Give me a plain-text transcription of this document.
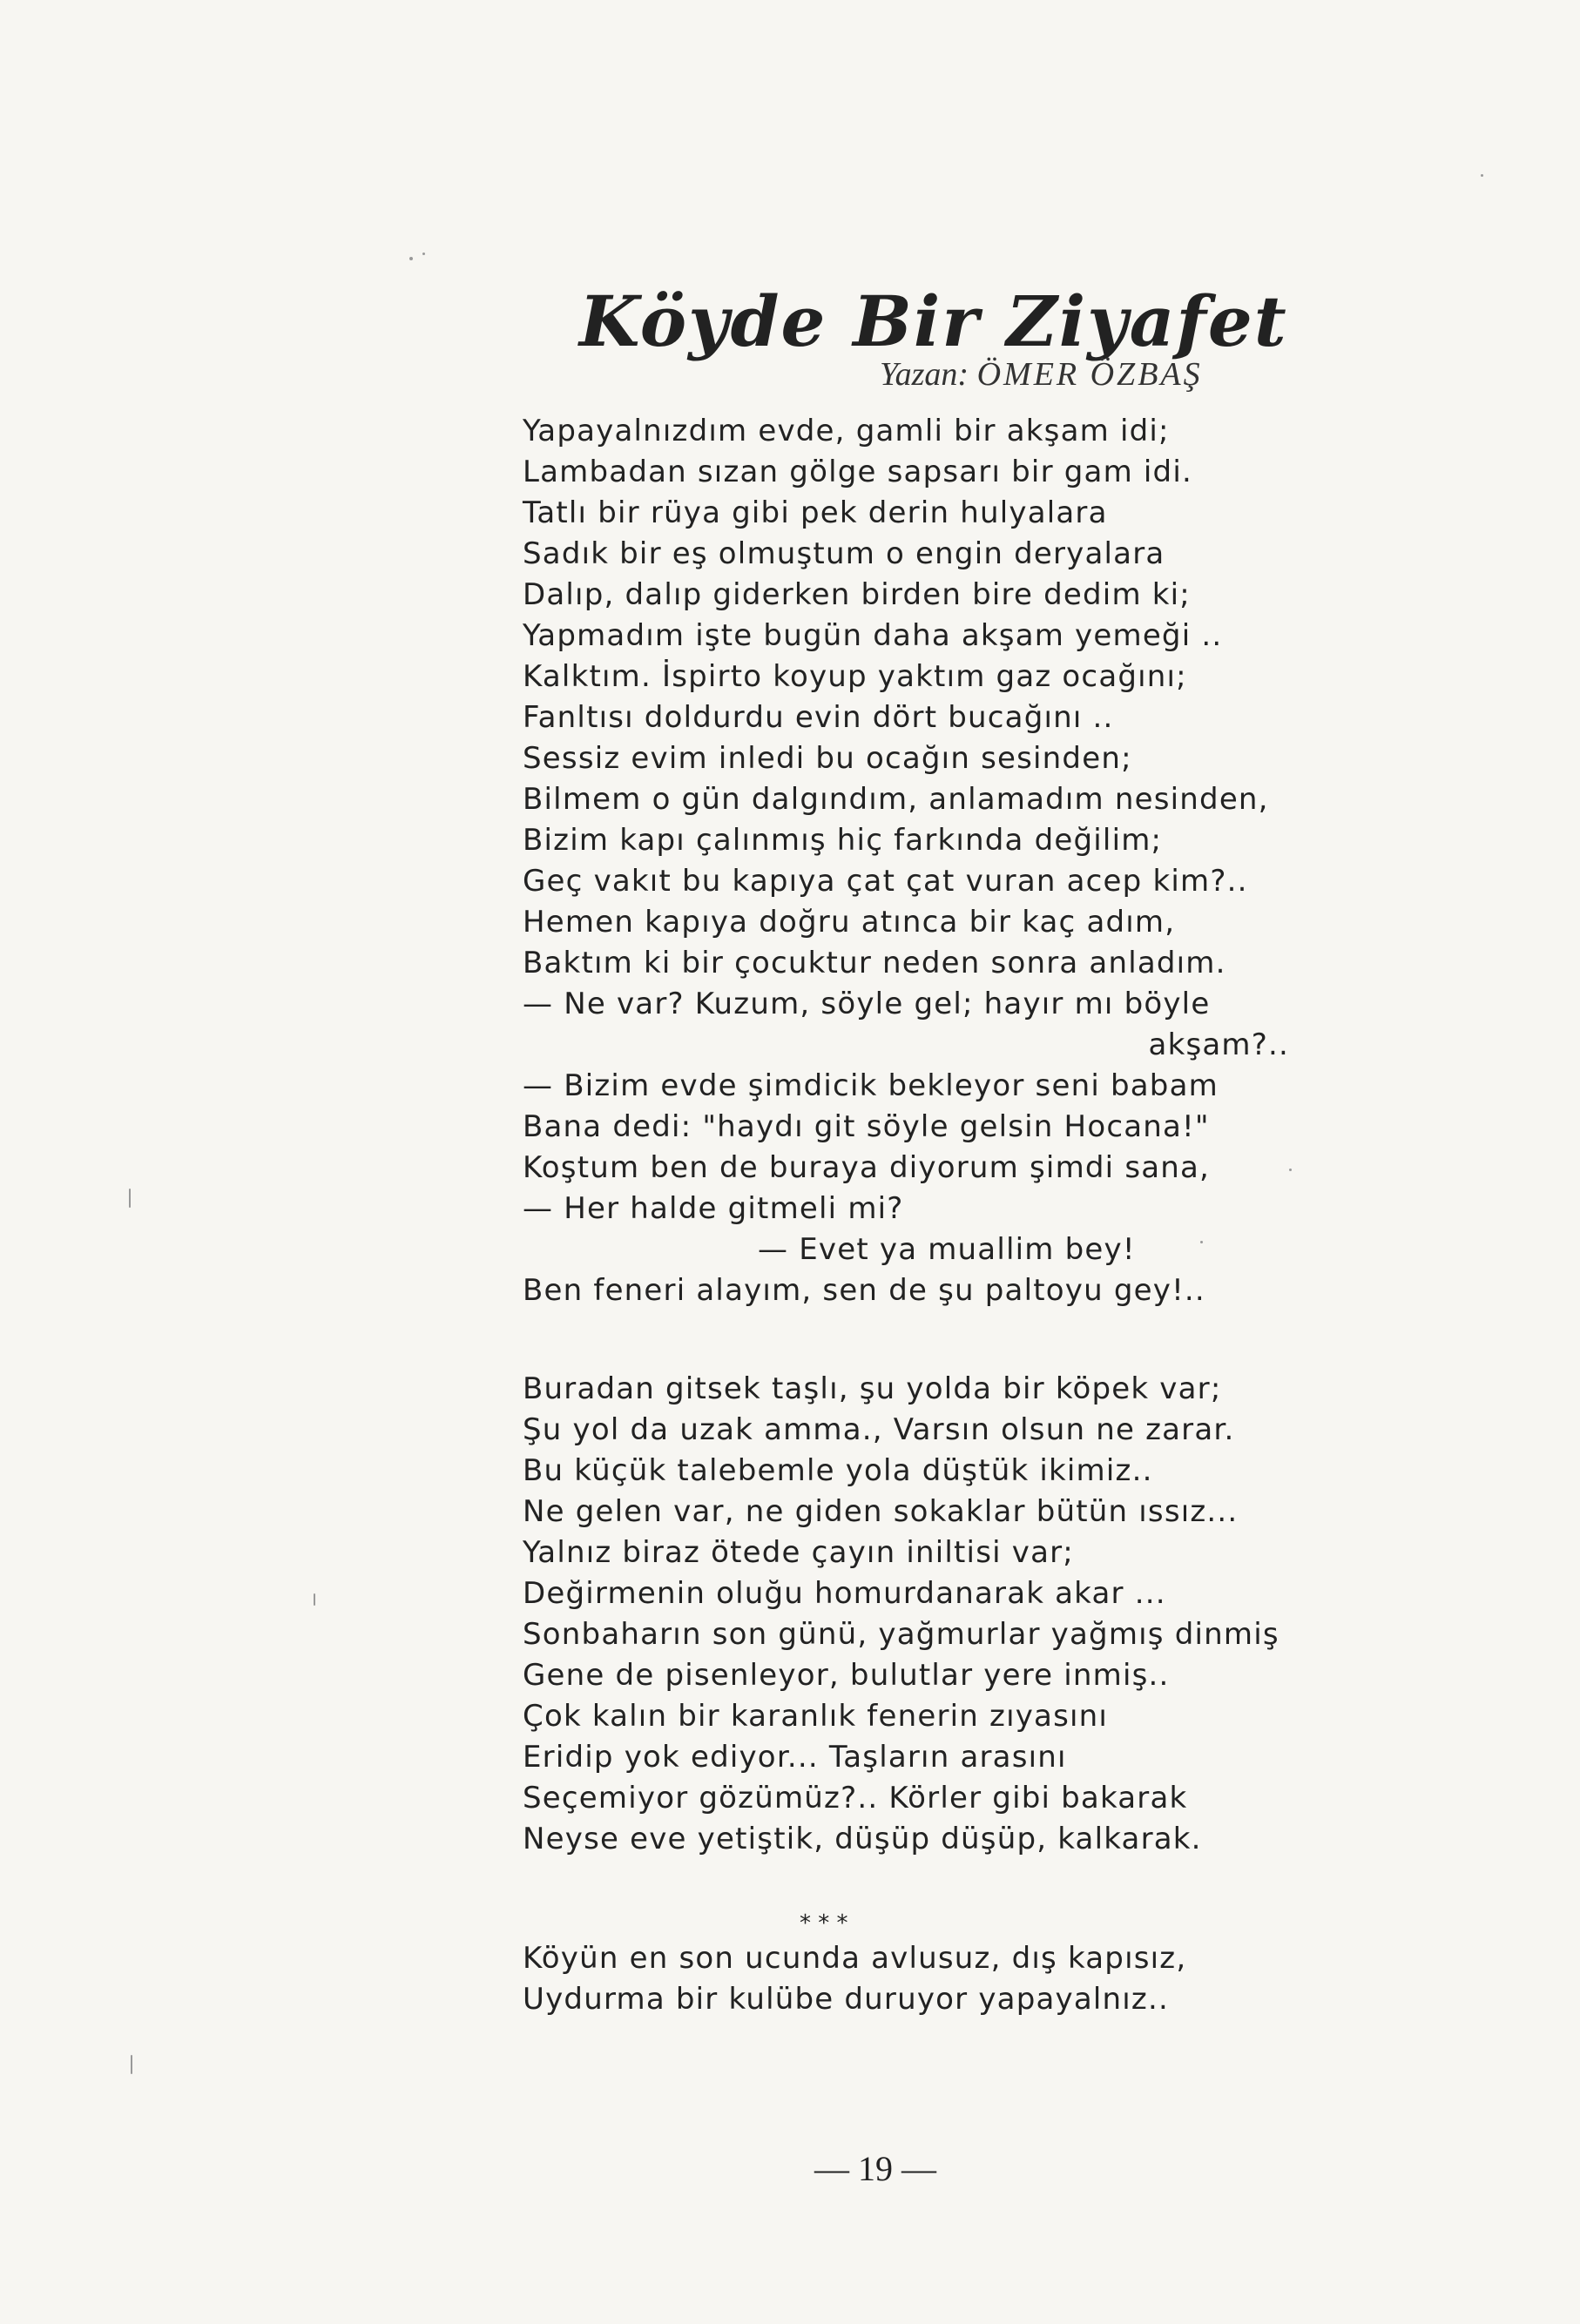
Köyde Bir Ziyafet
Yazan: ÖMER ÖZBAŞ
Yapayalnızdım evde, gamli bir akşam idi;
Lambadan sızan gölge sapsarı bir gam idi.
Tatlı bir rüya gibi pek derin hulyalara
Sadık bir eş olmuştum o engin deryalara
Dalıp, dalıp giderken birden bire dedim ki;
Yapmadım işte bugün daha akşam yemeği ..
Kalktım. İspirto koyup yaktım gaz ocağını;
Fanltısı doldurdu evin dört bucağını ..
Sessiz evim inledi bu ocağın sesinden;
Bilmem o gün dalgındım, anlamadım nesinden,
Bizim kapı çalınmış hiç farkında değilim;
Geç vakıt bu kapıya çat çat vuran acep kim?..
Hemen kapıya doğru atınca bir kaç adım,
Baktım ki bir çocuktur neden sonra anladım.
— Ne var? Kuzum, söyle gel; hayır mı böyle
akşam?..
— Bizim evde şimdicik bekleyor seni babam
Bana dedi: "haydı git söyle gelsin Hocana!"
Koştum ben de buraya diyorum şimdi sana,
— Her halde gitmeli mi?
— Evet ya muallim bey!
Ben feneri alayım, sen de şu paltoyu gey!..
Buradan gitsek taşlı, şu yolda bir köpek var;
Şu yol da uzak amma., Varsın olsun ne zarar.
Bu küçük talebemle yola düştük ikimiz..
Ne gelen var, ne giden sokaklar bütün ıssız...
Yalnız biraz ötede çayın iniltisi var;
Değirmenin oluğu homurdanarak akar ...
Sonbaharın son günü, yağmurlar yağmış dinmiş
Gene de pisenleyor, bulutlar yere inmiş..
Çok kalın bir karanlık fenerin zıyasını
Eridip yok ediyor... Taşların arasını
Seçemiyor gözümüz?.. Körler gibi bakarak
Neyse eve yetiştik, düşüp düşüp, kalkarak.
* * *
Köyün en son ucunda avlusuz, dış kapısız,
Uydurma bir kulübe duruyor yapayalnız..
— 19 —
